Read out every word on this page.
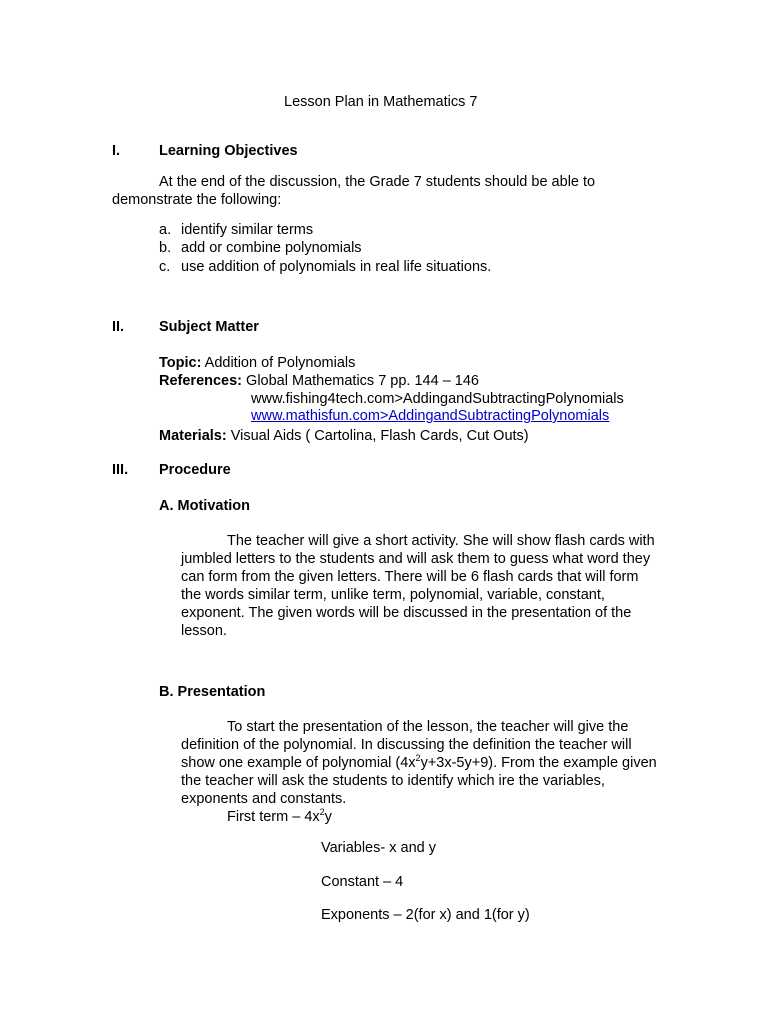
Lesson Plan in Mathematics 7
I.	Learning Objectives
At the end of the discussion, the Grade 7 students should be able to
demonstrate the following:
a. identify similar terms
b. add or combine polynomials
c. use addition of polynomials in real life situations.
II. Subject Matter
Topic: Addition of Polynomials
References: Global Mathematics 7 pp. 144 – 146
www.fishing4tech.com>AddingandSubtractingPolynomials
www.mathisfun.com>AddingandSubtractingPolynomials
Materials: Visual Aids ( Cartolina, Flash Cards, Cut Outs)
III. Procedure
A. Motivation
The teacher will give a short activity. She will show flash cards with
jumbled letters to the students and will ask them to guess what word they
can form from the given letters. There will be 6 flash cards that will form
the words similar term, unlike term, polynomial, variable, constant,
exponent. The given words will be discussed in the presentation of the
lesson.
B. Presentation
To start the presentation of the lesson, the teacher will give the
definition of the polynomial. In discussing the definition the teacher will
show one example of polynomial $(4x^2y+3x-5y+9)$. From the example given
the teacher will ask the students to identify which ire the variables,
exponents and constants.
First term – $4x^2y$
Variables- x and y
Constant – 4
Exponents – 2(for x) and 1(for y)
